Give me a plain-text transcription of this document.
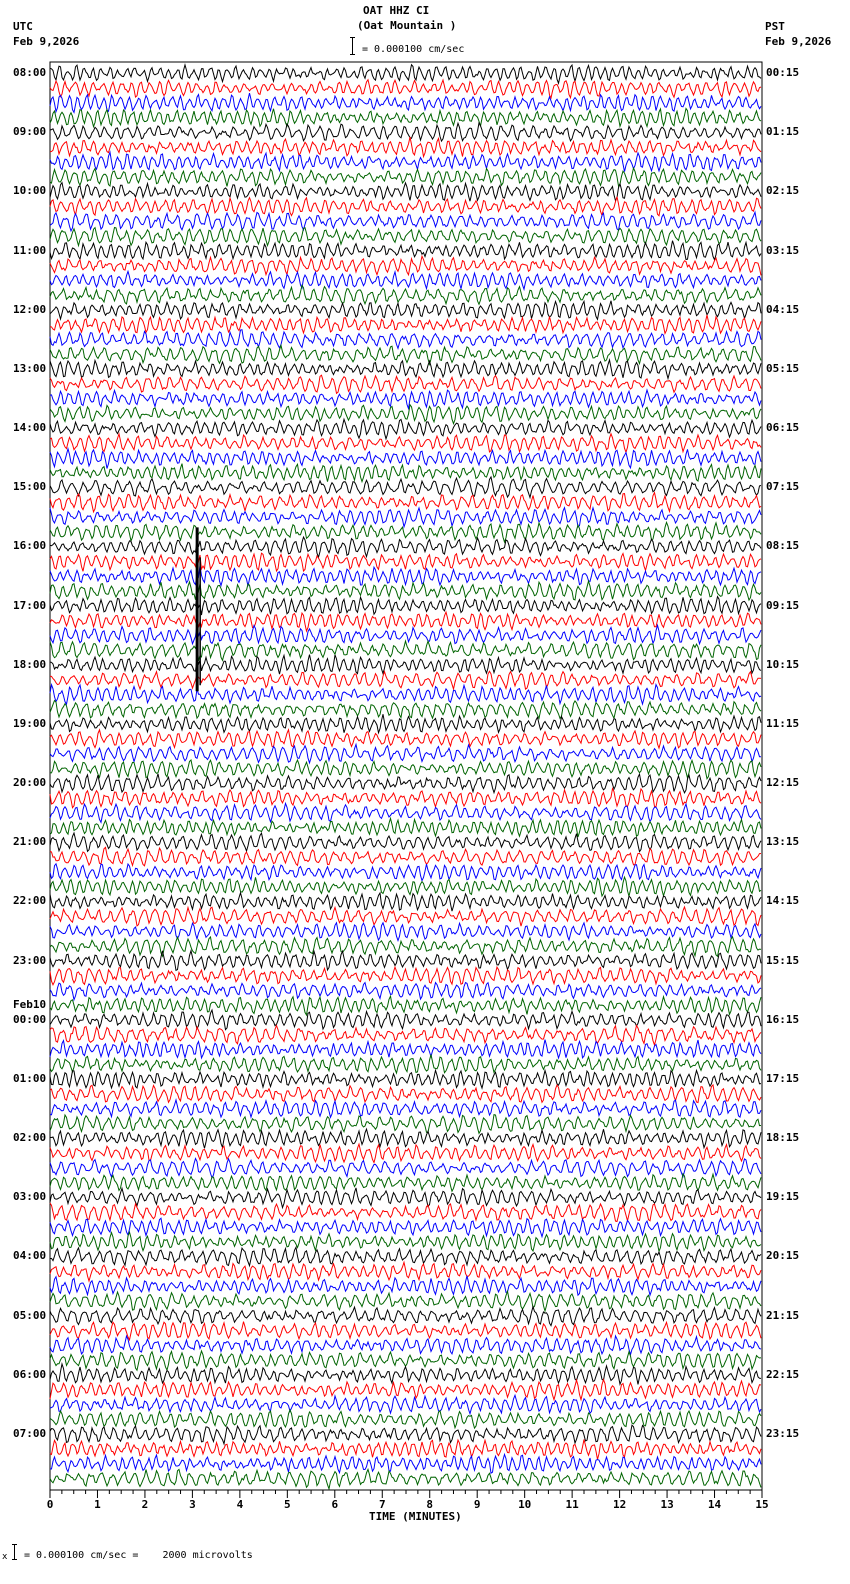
OAT HHZ CI
(Oat Mountain )
= 0.000100 cm/sec
UTC
Feb 9,2026
PST
Feb 9,2026
TIME (MINUTES)
x = 0.000100 cm/sec =    2000 microvolts
0	1	2	3	4	5	6	7	8	9	10	11	12	13	14	15
08:00
09:00
10:00
11:00
12:00
13:00
14:00
15:00
16:00
17:00
18:00
19:00
20:00
21:00
22:00
23:00
00:00
01:00
02:00
03:00
04:00
05:00
06:00
07:00
Feb10
00:15
01:15
02:15
03:15
04:15
05:15
06:15
07:15
08:15
09:15
10:15
11:15
12:15
13:15
14:15
15:15
16:15
17:15
18:15
19:15
20:15
21:15
22:15
23:15
